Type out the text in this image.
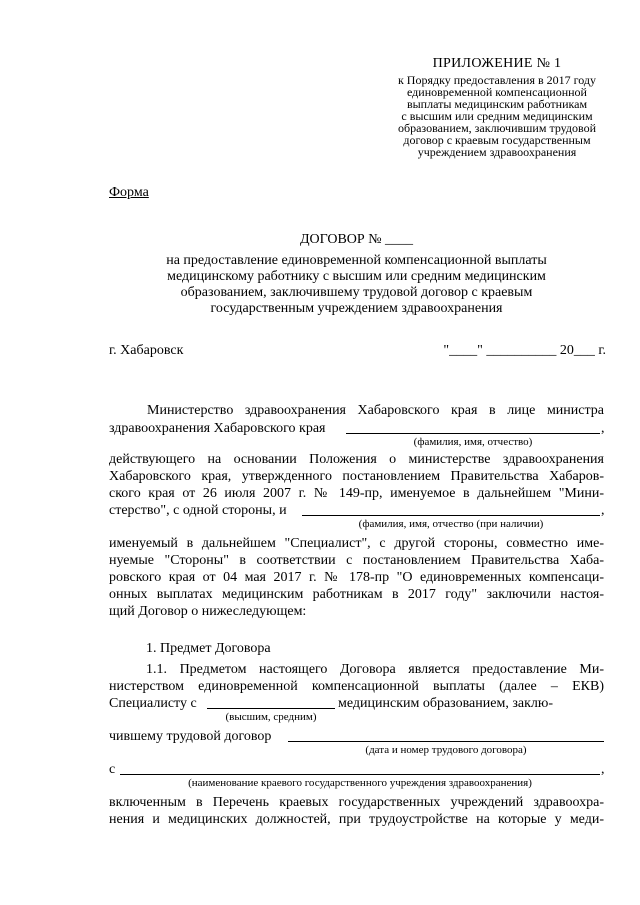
ПРИЛОЖЕНИЕ № 1
к Порядку предоставления в 2017 году
единовременной компенсационной
выплаты медицинским работникам
с высшим или средним медицинским
образованием, заключившим трудовой
договор с краевым государственным
учреждением здравоохранения
Форма
ДОГОВОР № ____
на предоставление единовременной компенсационной выплаты
медицинскому работнику с высшим или средним медицинским
образованием, заключившему трудовой договор с краевым
государственным учреждением здравоохранения
г. Хабаровск	"____" __________ 20___ г.
Министерство здравоохранения Хабаровского края в лице министра
здравоохранения Хабаровского края	,
(фамилия, имя, отчество)
действующего на основании Положения о министерстве здравоохранения
Хабаровского края, утвержденного постановлением Правительства Хабаров-
ского края от 26 июля 2007 г. № 149-пр, именуемое в дальнейшем "Мини-
стерство", с одной стороны, и	,
(фамилия, имя, отчество (при наличии)
именуемый в дальнейшем "Специалист", с другой стороны, совместно име-
нуемые "Стороны" в соответствии с постановлением Правительства Хаба-
ровского края от 04 мая 2017 г. № 178-пр "О единовременных компенсаци-
онных выплатах медицинским работникам в 2017 году" заключили настоя-
щий Договор о нижеследующем:
1. Предмет Договора
1.1. Предметом настоящего Договора является предоставление Ми-
нистерством единовременной компенсационной выплаты (далее – ЕКВ)
Специалисту с	медицинским образованием, заклю-
(высшим, средним)
чившему трудовой договор
(дата и номер трудового договора)
с	,
(наименование краевого государственного учреждения здравоохранения)
включенным в Перечень краевых государственных учреждений здравоохра-
нения и медицинских должностей, при трудоустройстве на которые у меди-
